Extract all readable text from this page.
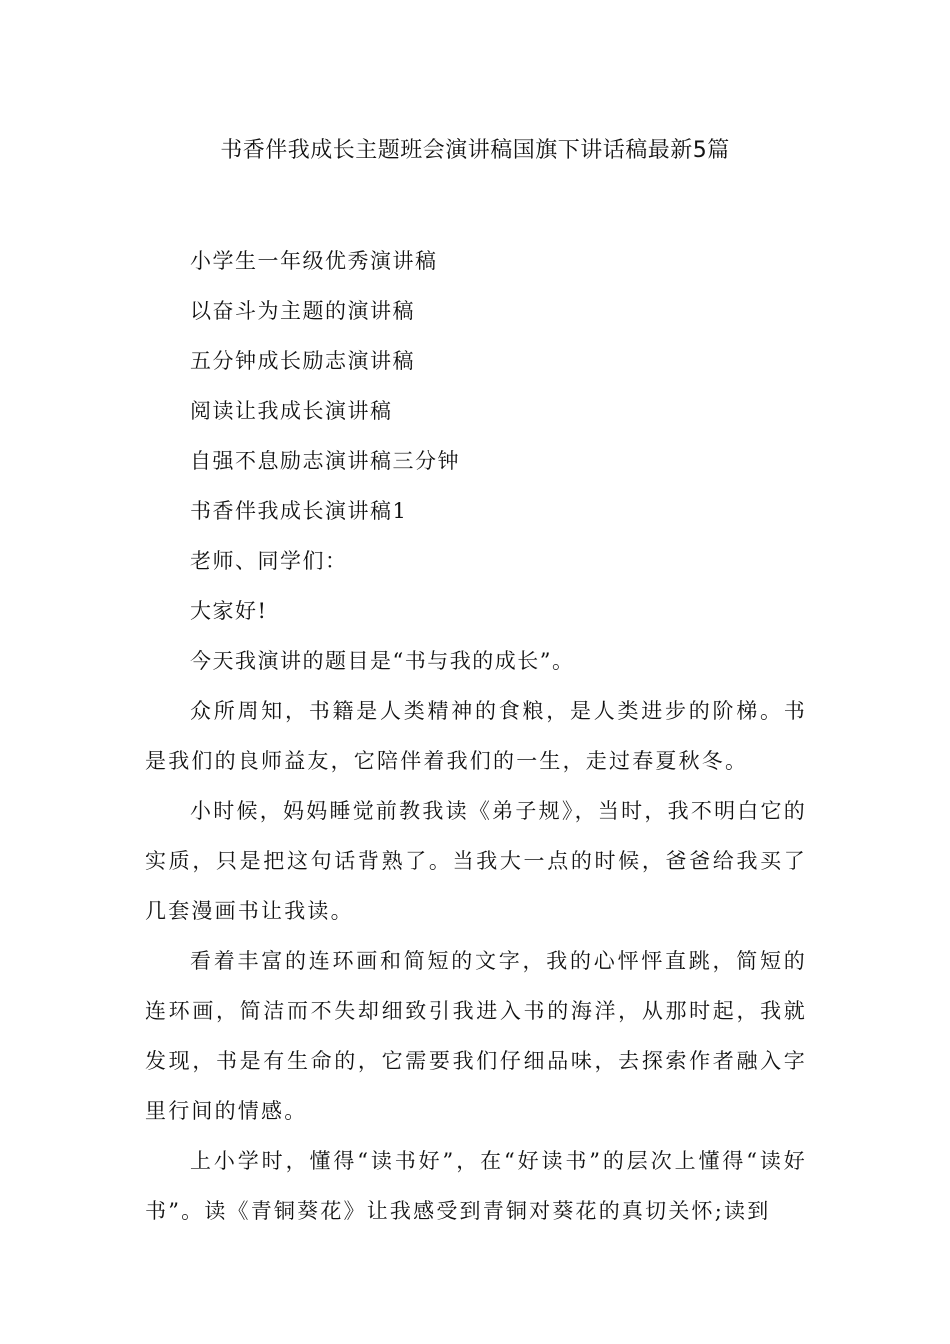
书香伴我成长主题班会演讲稿国旗下讲话稿最新5篇
小学生一年级优秀演讲稿
以奋斗为主题的演讲稿
五分钟成长励志演讲稿
阅读让我成长演讲稿
自强不息励志演讲稿三分钟
书香伴我成长演讲稿1
老师、同学们：
大家好!
今天我演讲的题目是“书与我的成长”。

众所周知，书籍是人类精神的食粮，是人类进步的阶梯。书是我们的良师益友，它陪伴着我们的一生，走过春夏秋冬。

小时候，妈妈睡觉前教我读《弟子规》，当时，我不明白它的实质，只是把这句话背熟了。当我大一点的时候，爸爸给我买了几套漫画书让我读。

看着丰富的连环画和简短的文字，我的心怦怦直跳，简短的连环画，简洁而不失却细致引我进入书的海洋，从那时起，我就发现，书是有生命的，它需要我们仔细品味，去探索作者融入字里行间的情感。

上小学时，懂得“读书好”，在“好读书”的层次上懂得“读好书”。读《青铜葵花》让我感受到青铜对葵花的真切关怀;读到
